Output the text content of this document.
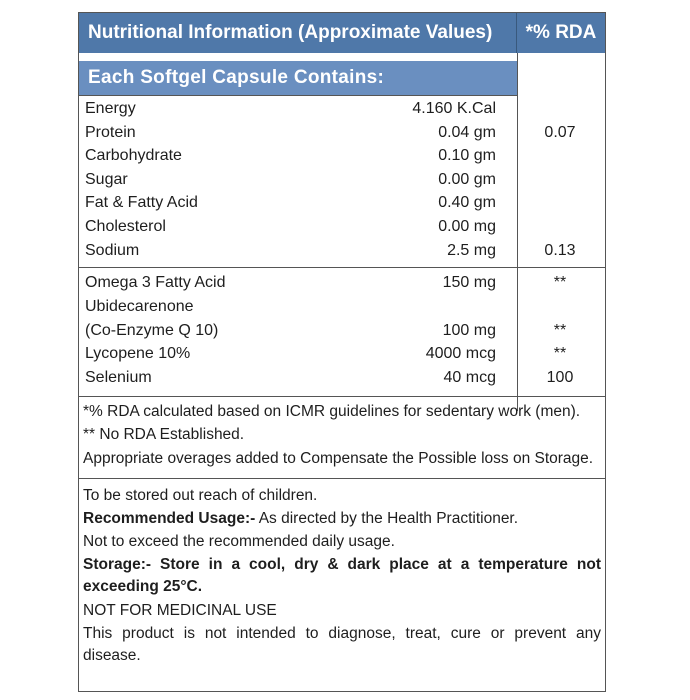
Nutritional Information (Approximate Values)	*% RDA
Each Softgel Capsule Contains:
Energy	4.160 K.Cal
Protein	0.04 gm	0.07
Carbohydrate	0.10 gm
Sugar	0.00 gm
Fat & Fatty Acid	0.40 gm
Cholesterol	0.00 mg
Sodium	2.5 mg	0.13
Omega 3 Fatty Acid	150 mg	**
Ubidecarenone
(Co-Enzyme Q 10)	100 mg	**
Lycopene 10%	4000 mcg	**
Selenium	40 mcg	100
*% RDA calculated based on ICMR guidelines for sedentary work (men).
** No RDA Established.
Appropriate overages added to Compensate the Possible loss on Storage.
To be stored out reach of children.
Recommended Usage:- As directed by the Health Practitioner.
Not to exceed the recommended daily usage.
Storage:- Store in a cool, dry & dark place at a temperature not exceeding 25°C.
NOT FOR MEDICINAL USE
This product is not intended to diagnose, treat, cure or prevent any disease.
